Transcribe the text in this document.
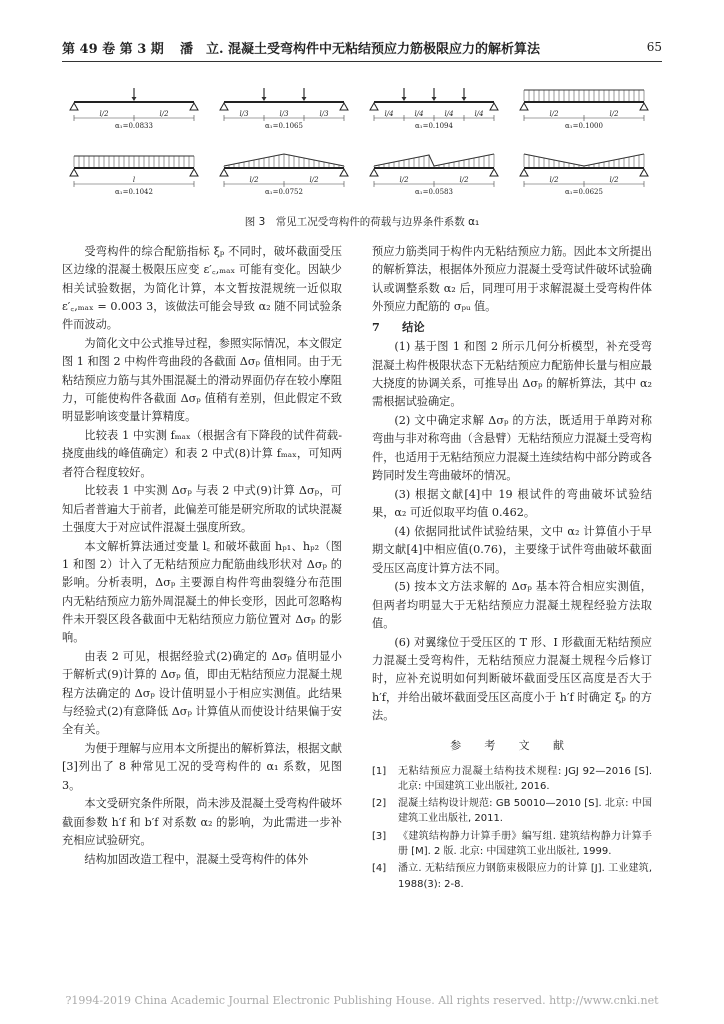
第 49 卷 第 3 期 潘　立. 混凝土受弯构件中无粘结预应力筋极限应力的解析算法	65
l/2	l/2
α₁=0.0833
l/3	l/3	l/3
α₁=0.1065
l/4	l/4	l/4	l/4
α₁=0.1094
l/2	l/2
α₁=0.1000
l
α₁=0.1042
l/2	l/2
α₁=0.0752
l/2	l/2
α₁=0.0583
l/2	l/2
α₁=0.0625
图 3　常见工况受弯构件的荷载与边界条件系数 α₁

受弯构件的综合配筋指标 ξₚ 不同时，破坏截面受压区边缘的混凝土极限压应变 ε′꜀,ₘₐₓ 可能有变化。因缺少相关试验数据，为简化计算，本文暂按混规统一近似取 ε′꜀,ₘₐₓ = 0.003 3，该做法可能会导致 α₂ 随不同试验条件而波动。

为简化文中公式推导过程，参照实际情况，本文假定图 1 和图 2 中构件弯曲段的各截面 Δσₚ 值相同。由于无粘结预应力筋与其外围混凝土的滑动界面仍存在较小摩阻力，可能使构件各截面 Δσₚ 值稍有差别，但此假定不致明显影响该变量计算精度。

比较表 1 中实测 fₘₐₓ（根据含有下降段的试件荷载-挠度曲线的峰值确定）和表 2 中式(8)计算 fₘₐₓ，可知两者符合程度较好。

比较表 1 中实测 Δσₚ 与表 2 中式(9)计算 Δσₚ，可知后者普遍大于前者，此偏差可能是研究所取的试块混凝土强度大于对应试件混凝土强度所致。

本文解析算法通过变量 l꜀ 和破坏截面 hₚ₁、hₚ₂（图 1 和图 2）计入了无粘结预应力配筋曲线形状对 Δσₚ 的影响。分析表明，Δσₚ 主要源自构件弯曲裂缝分布范围内无粘结预应力筋外周混凝土的伸长变形，因此可忽略构件未开裂区段各截面中无粘结预应力筋位置对 Δσₚ 的影响。

由表 2 可见，根据经验式(2)确定的 Δσₚ 值明显小于解析式(9)计算的 Δσₚ 值，即由无粘结预应力混凝土规程方法确定的 Δσₚ 设计值明显小于相应实测值。此结果与经验式(2)有意降低 Δσₚ 计算值从而使设计结果偏于安全有关。

为便于理解与应用本文所提出的解析算法，根据文献[3]列出了 8 种常见工况的受弯构件的 α₁ 系数，见图 3。

本文受研究条件所限，尚未涉及混凝土受弯构件破坏截面参数 h′f 和 b′f 对系数 α₂ 的影响，为此需进一步补充相应试验研究。

结构加固改造工程中，混凝土受弯构件的体外

预应力筋类同于构件内无粘结预应力筋。因此本文所提出的解析算法，根据体外预应力混凝土受弯试件破坏试验确认或调整系数 α₂ 后，同理可用于求解混凝土受弯构件体外预应力配筋的 σₚᵤ 值。

7　　结论

(1) 基于图 1 和图 2 所示几何分析模型，补充受弯混凝土构件极限状态下无粘结预应力配筋伸长量与相应最大挠度的协调关系，可推导出 Δσₚ 的解析算法，其中 α₂ 需根据试验确定。

(2) 文中确定求解 Δσₚ 的方法，既适用于单跨对称弯曲与非对称弯曲（含悬臂）无粘结预应力混凝土受弯构件，也适用于无粘结预应力混凝土连续结构中部分跨或各跨同时发生弯曲破坏的情况。

(3) 根据文献[4]中 19 根试件的弯曲破坏试验结果，α₂ 可近似取平均值 0.462。

(4) 依据同批试件试验结果，文中 α₂ 计算值小于早期文献[4]中相应值(0.76)，主要缘于试件弯曲破坏截面受压区高度计算方法不同。

(5) 按本文方法求解的 Δσₚ 基本符合相应实测值，但两者均明显大于无粘结预应力混凝土规程经验方法取值。

(6) 对翼缘位于受压区的 T 形、I 形截面无粘结预应力混凝土受弯构件，无粘结预应力混凝土规程今后修订时，应补充说明如何判断破坏截面受压区高度是否大于 h′f，并给出破坏截面受压区高度小于 h′f 时确定 ξₚ 的方法。

参 考 文 献
[1]	无粘结预应力混凝土结构技术规程: JGJ 92—2016 [S]. 北京: 中国建筑工业出版社, 2016.
[2]	混凝土结构设计规范: GB 50010—2010 [S]. 北京: 中国建筑工业出版社, 2011.
[3]	《建筑结构静力计算手册》编写组. 建筑结构静力计算手册 [M]. 2 版. 北京: 中国建筑工业出版社, 1999.
[4]	潘立. 无粘结预应力钢筋束极限应力的计算 [J]. 工业建筑, 1988(3): 2-8.
?1994-2019 China Academic Journal Electronic Publishing House. All rights reserved. http://www.cnki.net
